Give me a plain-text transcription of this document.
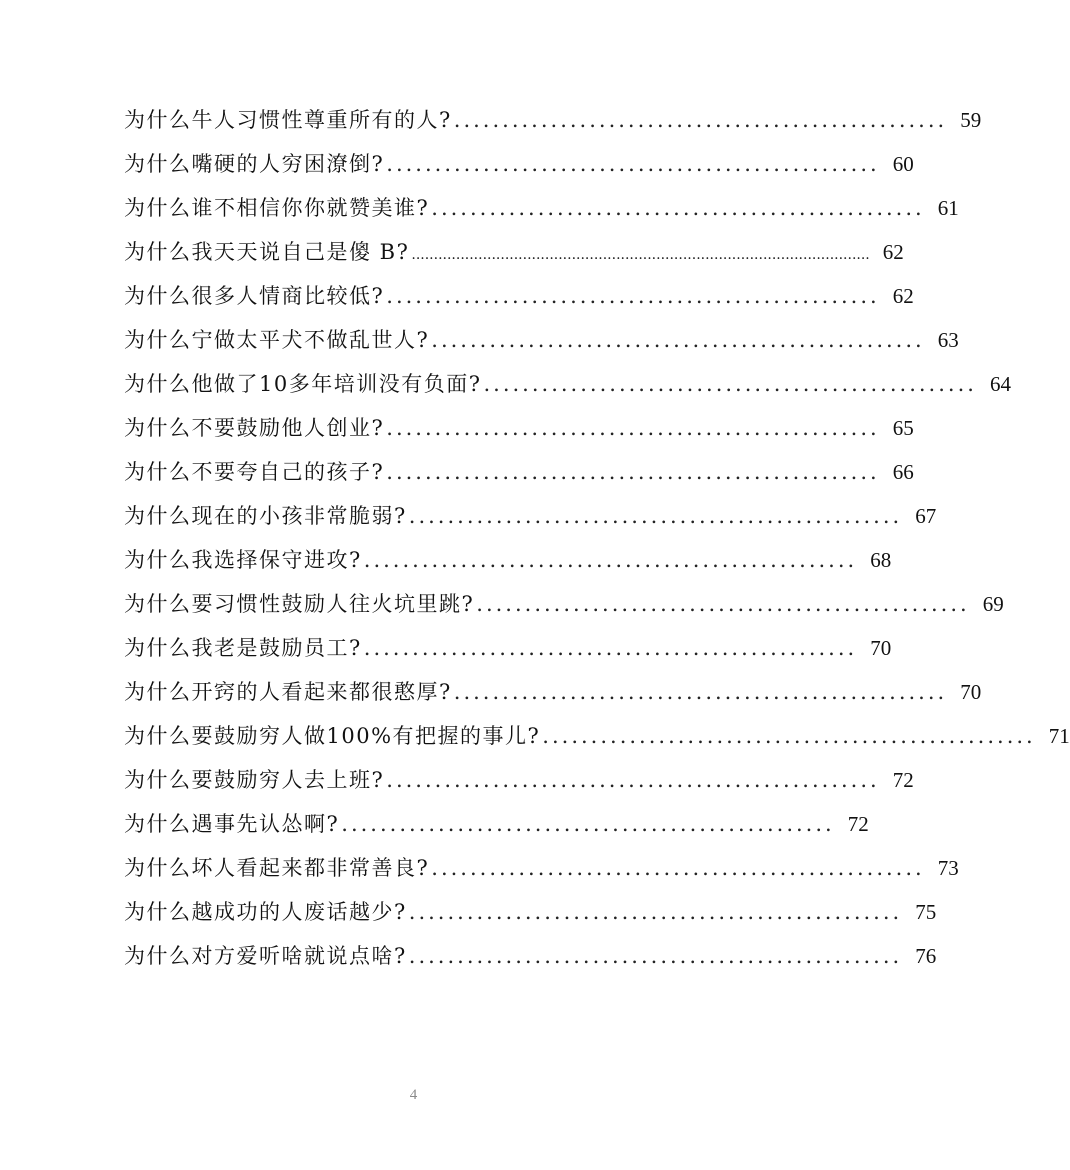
为什么牛人习惯性尊重所有的人? ................................................... 59
为什么嘴硬的人穷困潦倒? ................................................... 60
为什么谁不相信你你就赞美谁? ................................................... 61
为什么我天天说自己是傻 B? ....................................................................................................... 62
为什么很多人情商比较低? ................................................... 62
为什么宁做太平犬不做乱世人? ................................................... 63
为什么他做了10多年培训没有负面? ................................................... 64
为什么不要鼓励他人创业? ................................................... 65
为什么不要夸自己的孩子? ................................................... 66
为什么现在的小孩非常脆弱? ................................................... 67
为什么我选择保守进攻? ................................................... 68
为什么要习惯性鼓励人往火坑里跳? ................................................... 69
为什么我老是鼓励员工? ................................................... 70
为什么开窍的人看起来都很憨厚? ................................................... 70
为什么要鼓励穷人做100%有把握的事儿? ................................................... 71
为什么要鼓励穷人去上班? ................................................... 72
为什么遇事先认怂啊? ................................................... 72
为什么坏人看起来都非常善良? ................................................... 73
为什么越成功的人废话越少? ................................................... 75
为什么对方爱听啥就说点啥? ................................................... 76
4
